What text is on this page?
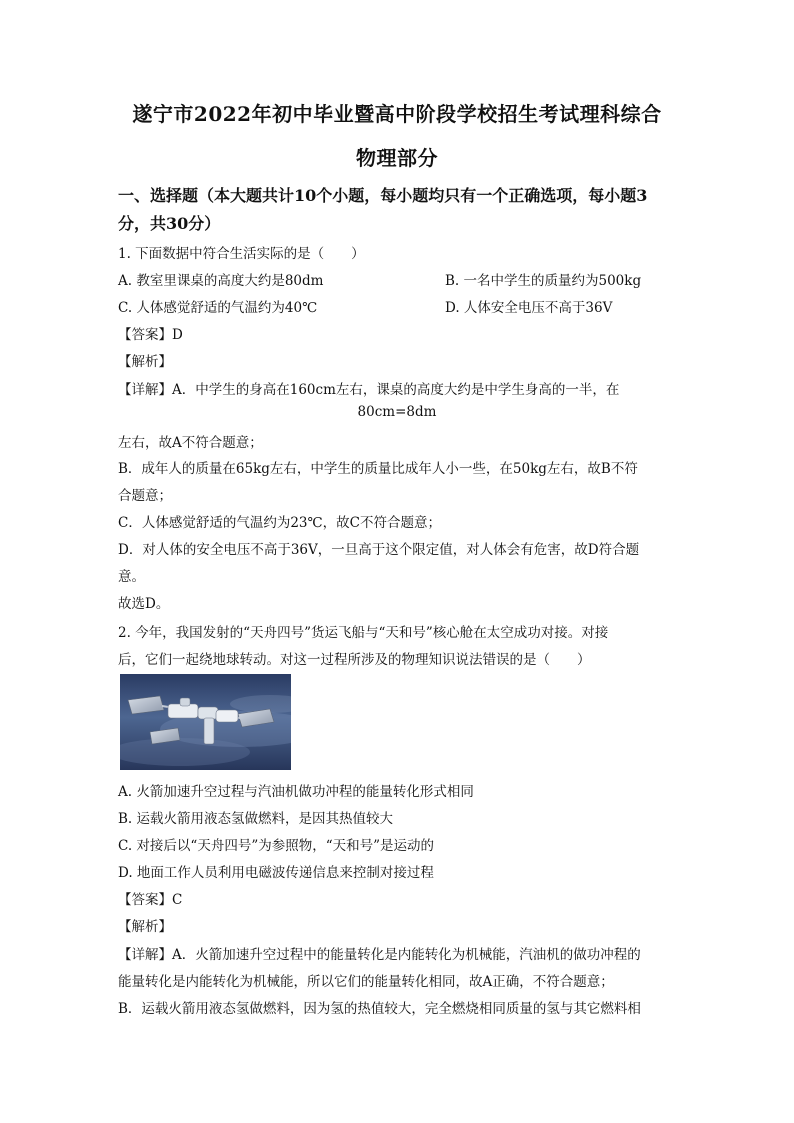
遂宁市2022年初中毕业暨高中阶段学校招生考试理科综合
物理部分
一、选择题（本大题共计10个小题，每小题均只有一个正确选项，每小题3
分，共30分）
1. 下面数据中符合生活实际的是（　　）
A. 教室里课桌的高度大约是80dm	B. 一名中学生的质量约为500kg
C. 人体感觉舒适的气温约为40℃	D. 人体安全电压不高于36V
【答案】D
【解析】
【详解】A．中学生的身高在160cm左右，课桌的高度大约是中学生身高的一半，在
80cm=8dm
左右，故A不符合题意；
B．成年人的质量在65kg左右，中学生的质量比成年人小一些，在50kg左右，故B不符
合题意；
C．人体感觉舒适的气温约为23℃，故C不符合题意；
D．对人体的安全电压不高于36V，一旦高于这个限定值，对人体会有危害，故D符合题
意。
故选D。
2. 今年，我国发射的“天舟四号”货运飞船与“天和号”核心舱在太空成功对接。对接
后，它们一起绕地球转动。对这一过程所涉及的物理知识说法错误的是（　　）
A. 火箭加速升空过程与汽油机做功冲程的能量转化形式相同
B. 运载火箭用液态氢做燃料，是因其热值较大
C. 对接后以“天舟四号”为参照物，“天和号”是运动的
D. 地面工作人员利用电磁波传递信息来控制对接过程
【答案】C
【解析】
【详解】A．火箭加速升空过程中的能量转化是内能转化为机械能，汽油机的做功冲程的
能量转化是内能转化为机械能，所以它们的能量转化相同，故A正确，不符合题意；
B．运载火箭用液态氢做燃料，因为氢的热值较大，完全燃烧相同质量的氢与其它燃料相
